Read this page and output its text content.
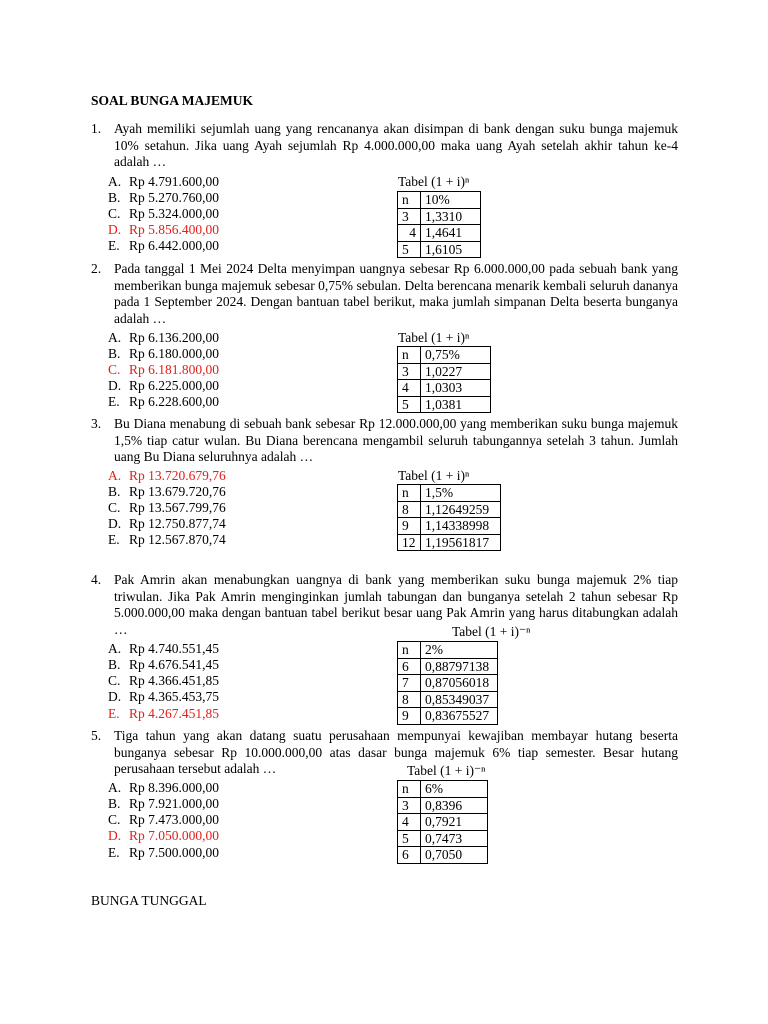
SOAL BUNGA MAJEMUK
1. Ayah memiliki sejumlah uang yang rencananya akan disimpan di bank dengan suku bunga majemuk 10% setahun. Jika uang Ayah sejumlah Rp 4.000.000,00 maka uang Ayah setelah akhir tahun ke-4 adalah …
A. Rp 4.791.600,00
B. Rp 5.270.760,00
C. Rp 5.324.000,00
D. Rp 5.856.400,00
E. Rp 6.442.000,00
Tabel (1 + i)ⁿ
n	10%
3	1,3310
4	1,4641
5	1,6105
2. Pada tanggal 1 Mei 2024 Delta menyimpan uangnya sebesar Rp 6.000.000,00 pada sebuah bank yang memberikan bunga majemuk sebesar 0,75% sebulan. Delta berencana menarik kembali seluruh dananya pada 1 September 2024. Dengan bantuan tabel berikut, maka jumlah simpanan Delta beserta bunganya adalah …
A. Rp 6.136.200,00
B. Rp 6.180.000,00
C. Rp 6.181.800,00
D. Rp 6.225.000,00
E. Rp 6.228.600,00
Tabel (1 + i)ⁿ
n	0,75%
3	1,0227
4	1,0303
5	1,0381
3. Bu Diana menabung di sebuah bank sebesar Rp 12.000.000,00 yang memberikan suku bunga majemuk 1,5% tiap catur wulan. Bu Diana berencana mengambil seluruh tabungannya setelah 3 tahun. Jumlah uang Bu Diana seluruhnya adalah …
A. Rp 13.720.679,76
B. Rp 13.679.720,76
C. Rp 13.567.799,76
D. Rp 12.750.877,74
E. Rp 12.567.870,74
Tabel (1 + i)ⁿ
n	1,5%
8	1,12649259
9	1,14338998
12	1,19561817
4. Pak Amrin akan menabungkan uangnya di bank yang memberikan suku bunga majemuk 2% tiap triwulan. Jika Pak Amrin menginginkan jumlah tabungan dan bunganya setelah 2 tahun sebesar Rp 5.000.000,00 maka dengan bantuan tabel berikut besar uang Pak Amrin yang harus ditabungkan adalah …
A. Rp 4.740.551,45
B. Rp 4.676.541,45
C. Rp 4.366.451,85
D. Rp 4.365.453,75
E. Rp 4.267.451,85
Tabel (1 + i)⁻ⁿ
n	2%
6	0,88797138
7	0,87056018
8	0,85349037
9	0,83675527
5. Tiga tahun yang akan datang suatu perusahaan mempunyai kewajiban membayar hutang beserta bunganya sebesar Rp 10.000.000,00 atas dasar bunga majemuk 6% tiap semester. Besar hutang perusahaan tersebut adalah …
A. Rp 8.396.000,00
B. Rp 7.921.000,00
C. Rp 7.473.000,00
D. Rp 7.050.000,00
E. Rp 7.500.000,00
Tabel (1 + i)⁻ⁿ
n	6%
3	0,8396
4	0,7921
5	0,7473
6	0,7050
BUNGA TUNGGAL
